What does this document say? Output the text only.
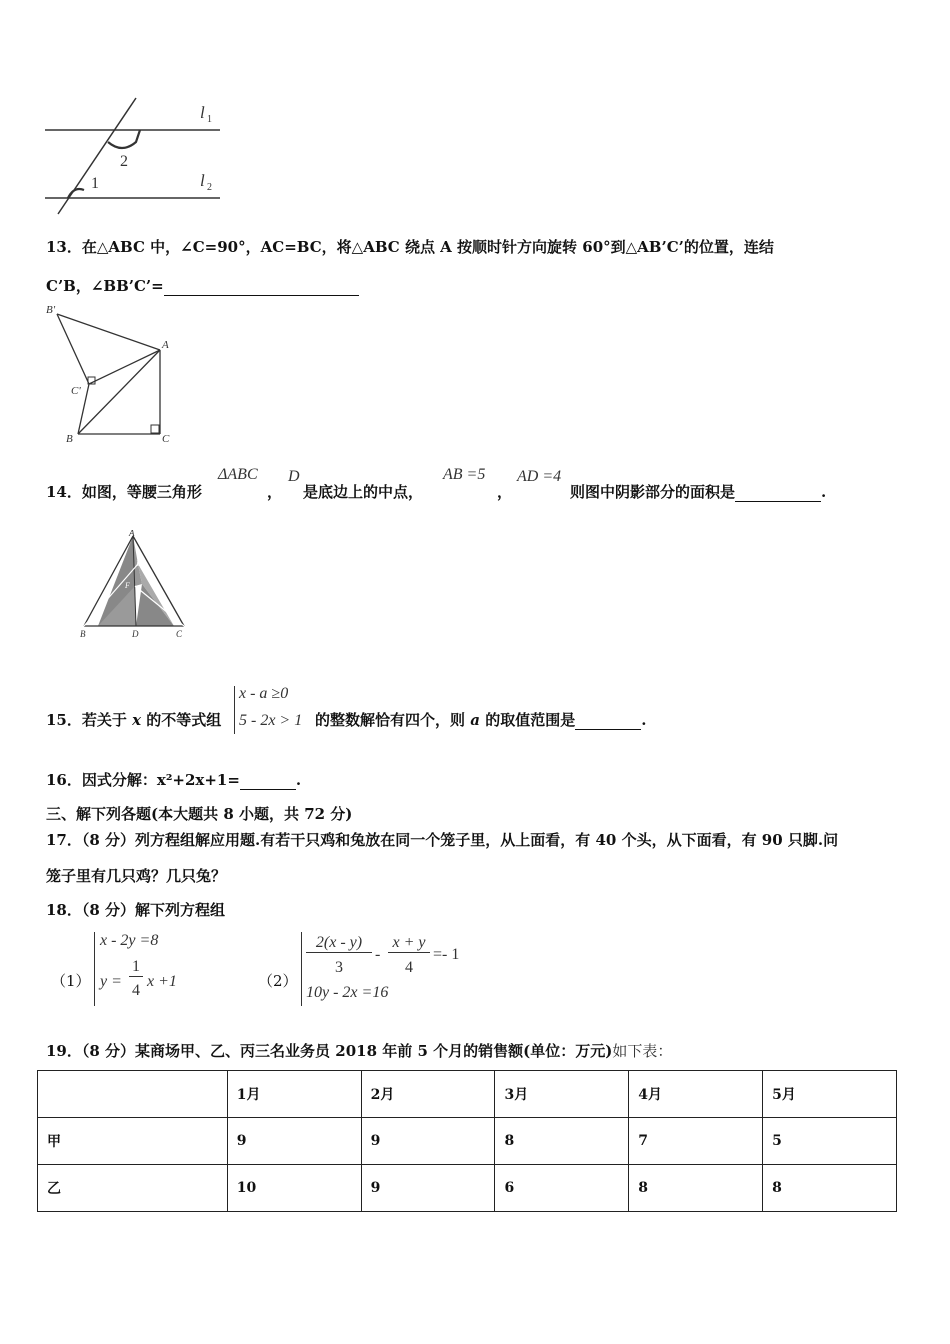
l 1
l 2
2
1
13．在△ABC 中，∠C=90°，AC=BC，将△ABC 绕点 A 按顺时针方向旋转 60°到△AB’C’的位置，连结
C’B，∠BB’C’=
B'
A
C'
B	C
14．如图，等腰三角形
ΔABC
，
D
是底边上的中点，
AB =5
，
AD =4
则图中阴影部分的面积是	.
A
E
F
B	D	C
15．若关于 x 的不等式组
x - a ≥0
5 - 2x > 1 的整数解恰有四个，则 a 的取值范围是	.
16．因式分解：x²+2x+1=	.
三、解下列各题(本大题共 8 小题，共 72 分)
17．（8 分）列方程组解应用题.有若干只鸡和兔放在同一个笼子里，从上面看，有 40 个头，从下面看，有 90 只脚.问
笼子里有几只鸡？几只兔？
18．（8 分）解下列方程组
（1）
x - 2y =8
y =
1
4
x +1	（2）
2(x - y)
3
-
x + y
4
=- 1
10y - 2x =16
19．（8 分）某商场甲、乙、丙三名业务员 2018 年前 5 个月的销售额(单位：万元)如下表：
	1月	2月	3月	4月	5月
甲	9	9	8	7	5
乙	10	9	6	8	8
